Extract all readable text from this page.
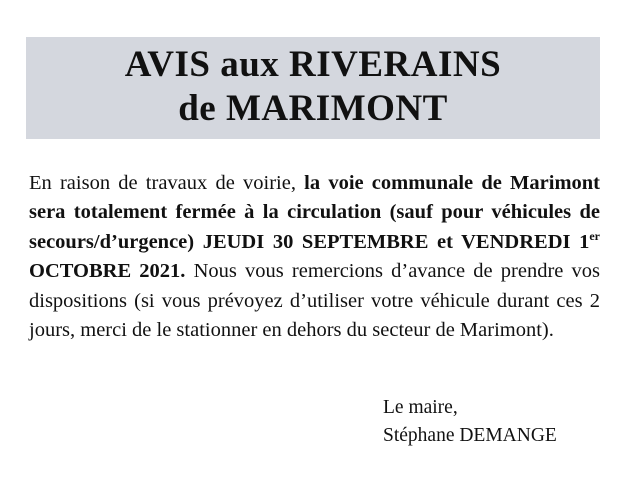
AVIS aux RIVERAINS
de MARIMONT

En raison de travaux de voirie, la voie communale de Marimont sera totalement fermée à la circulation (sauf pour véhicules de secours/d’urgence) JEUDI 30 SEPTEMBRE et VENDREDI 1er OCTOBRE 2021. Nous vous remercions d’avance de prendre vos dispositions (si vous prévoyez d’utiliser votre véhicule durant ces 2 jours, merci de le stationner en dehors du secteur de Marimont).

Le maire,
Stéphane DEMANGE
